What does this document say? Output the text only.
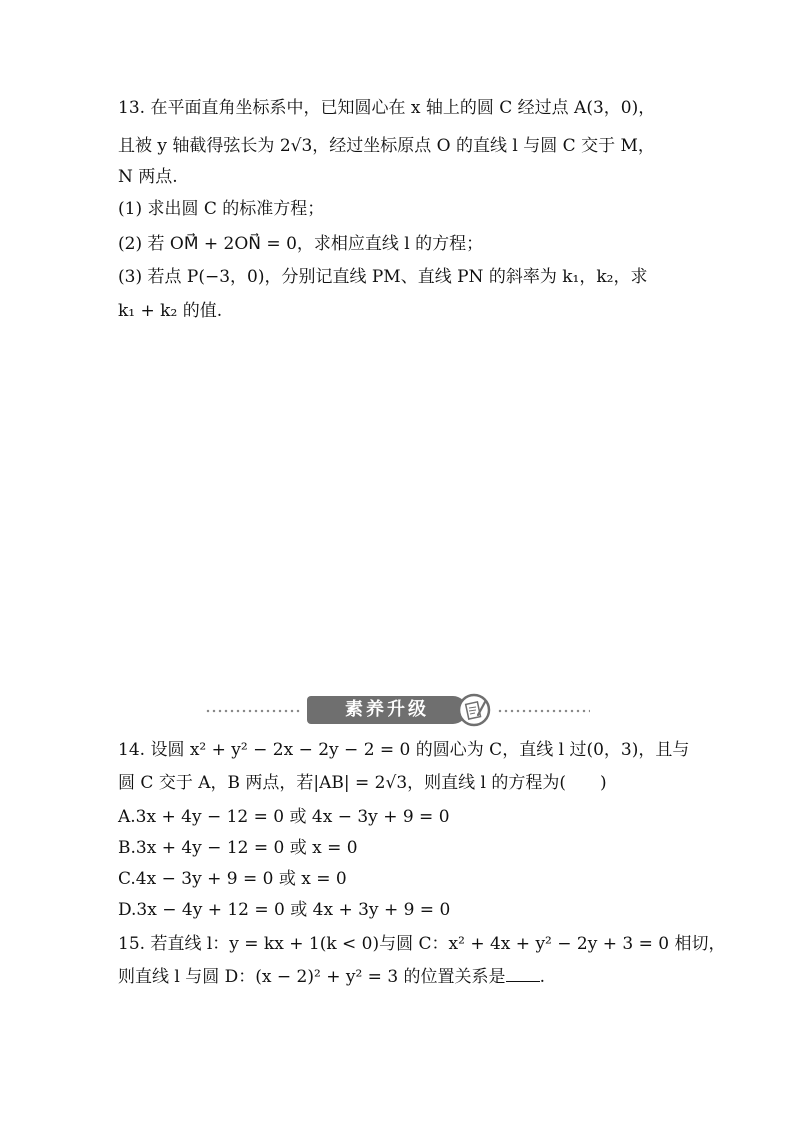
13. 在平面直角坐标系中，已知圆心在 x 轴上的圆 C 经过点 A(3，0)，
且被 y 轴截得弦长为 2√3，经过坐标原点 O 的直线 l 与圆 C 交于 M，
N 两点.
(1) 求出圆 C 的标准方程；
(2) 若 OM⃗ + 2ON⃗ = 0，求相应直线 l 的方程；
(3) 若点 P(−3，0)，分别记直线 PM、直线 PN 的斜率为 k₁，k₂，求
k₁ + k₂ 的值.
素养升级
14. 设圆 x² + y² − 2x − 2y − 2 = 0 的圆心为 C，直线 l 过(0，3)，且与
圆 C 交于 A，B 两点，若|AB| = 2√3，则直线 l 的方程为(　　)
A.3x + 4y − 12 = 0 或 4x − 3y + 9 = 0
B.3x + 4y − 12 = 0 或 x = 0
C.4x − 3y + 9 = 0 或 x = 0
D.3x − 4y + 12 = 0 或 4x + 3y + 9 = 0
15. 若直线 l：y = kx + 1(k < 0)与圆 C：x² + 4x + y² − 2y + 3 = 0 相切，
则直线 l 与圆 D：(x − 2)² + y² = 3 的位置关系是 .
